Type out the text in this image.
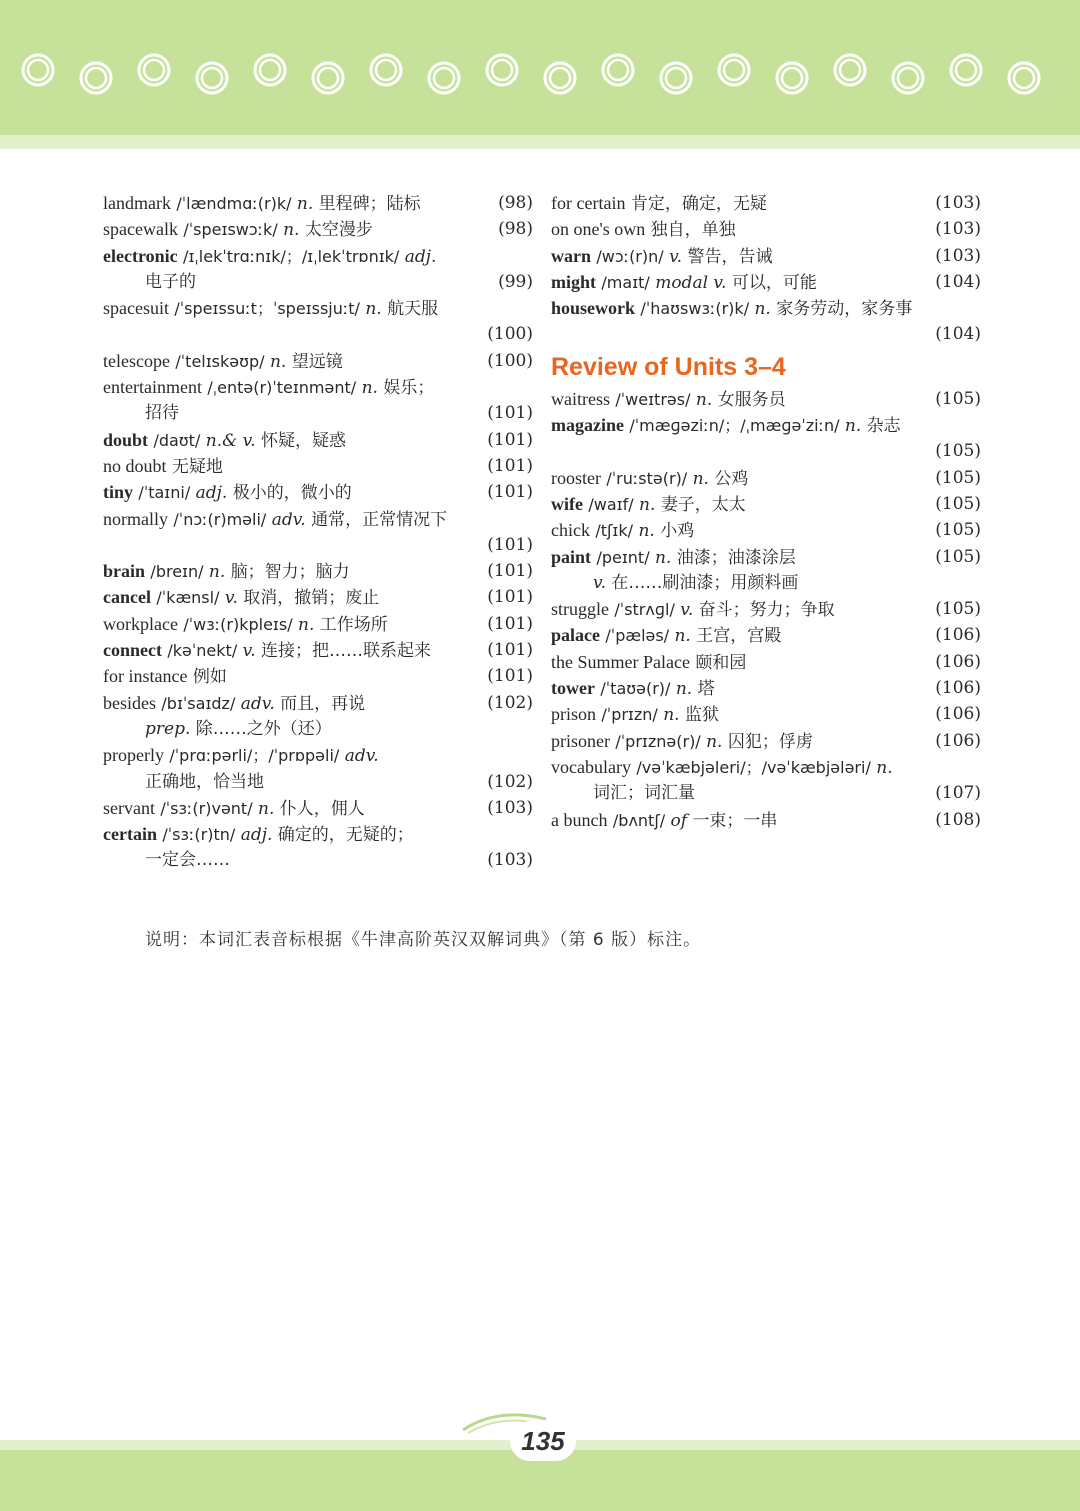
landmark /ˈlændmɑː(r)k/ n. 里程碑；陆标	(98)
spacewalk /ˈspeɪswɔːk/ n. 太空漫步	(98)
electronic /ɪˌlekˈtrɑːnɪk/；/ɪˌlekˈtrɒnɪk/ adj.
电子的	(99)
spacesuit /ˈspeɪssuːt；ˈspeɪssjuːt/ n. 航天服
(100)
telescope /ˈtelɪskəʊp/ n. 望远镜	(100)
entertainment /ˌentə(r)ˈteɪnmənt/ n. 娱乐；
招待	(101)
doubt /daʊt/ n.& v. 怀疑，疑惑	(101)
no doubt 无疑地	(101)
tiny /ˈtaɪni/ adj. 极小的，微小的	(101)
normally /ˈnɔː(r)məli/ adv. 通常，正常情况下
(101)
brain /breɪn/ n. 脑；智力；脑力	(101)
cancel /ˈkænsl/ v. 取消，撤销；废止	(101)
workplace /ˈwɜː(r)kpleɪs/ n. 工作场所	(101)
connect /kəˈnekt/ v. 连接；把……联系起来	(101)
for instance 例如	(101)
besides /bɪˈsaɪdz/ adv. 而且，再说	(102)
prep. 除……之外（还）
properly /ˈprɑːpərli/；/ˈprɒpəli/ adv.
正确地，恰当地	(102)
servant /ˈsɜː(r)vənt/ n. 仆人，佣人	(103)
certain /ˈsɜː(r)tn/ adj. 确定的，无疑的；
一定会……	(103)
for certain 肯定，确定，无疑	(103)
on one's own 独自，单独	(103)
warn /wɔː(r)n/ v. 警告，告诫	(103)
might /maɪt/ modal v. 可以，可能	(104)
housework /ˈhaʊswɜː(r)k/ n. 家务劳动，家务事
(104)
Review of Units 3–4
waitress /ˈweɪtrəs/ n. 女服务员	(105)
magazine /ˈmæɡəziːn/；/ˌmæɡəˈziːn/ n. 杂志
(105)
rooster /ˈruːstə(r)/ n. 公鸡	(105)
wife /waɪf/ n. 妻子，太太	(105)
chick /tʃɪk/ n. 小鸡	(105)
paint /peɪnt/ n. 油漆；油漆涂层	(105)
v. 在……刷油漆；用颜料画
struggle /ˈstrʌɡl/ v. 奋斗；努力；争取	(105)
palace /ˈpæləs/ n. 王宫，宫殿	(106)
the Summer Palace 颐和园	(106)
tower /ˈtaʊə(r)/ n. 塔	(106)
prison /ˈprɪzn/ n. 监狱	(106)
prisoner /ˈprɪznə(r)/ n. 囚犯；俘虏	(106)
vocabulary /vəˈkæbjəleri/；/vəˈkæbjələri/ n.
词汇；词汇量	(107)
a bunch /bʌntʃ/ of 一束；一串	(108)
说明：本词汇表音标根据《牛津高阶英汉双解词典》（第 6 版）标注。
135
